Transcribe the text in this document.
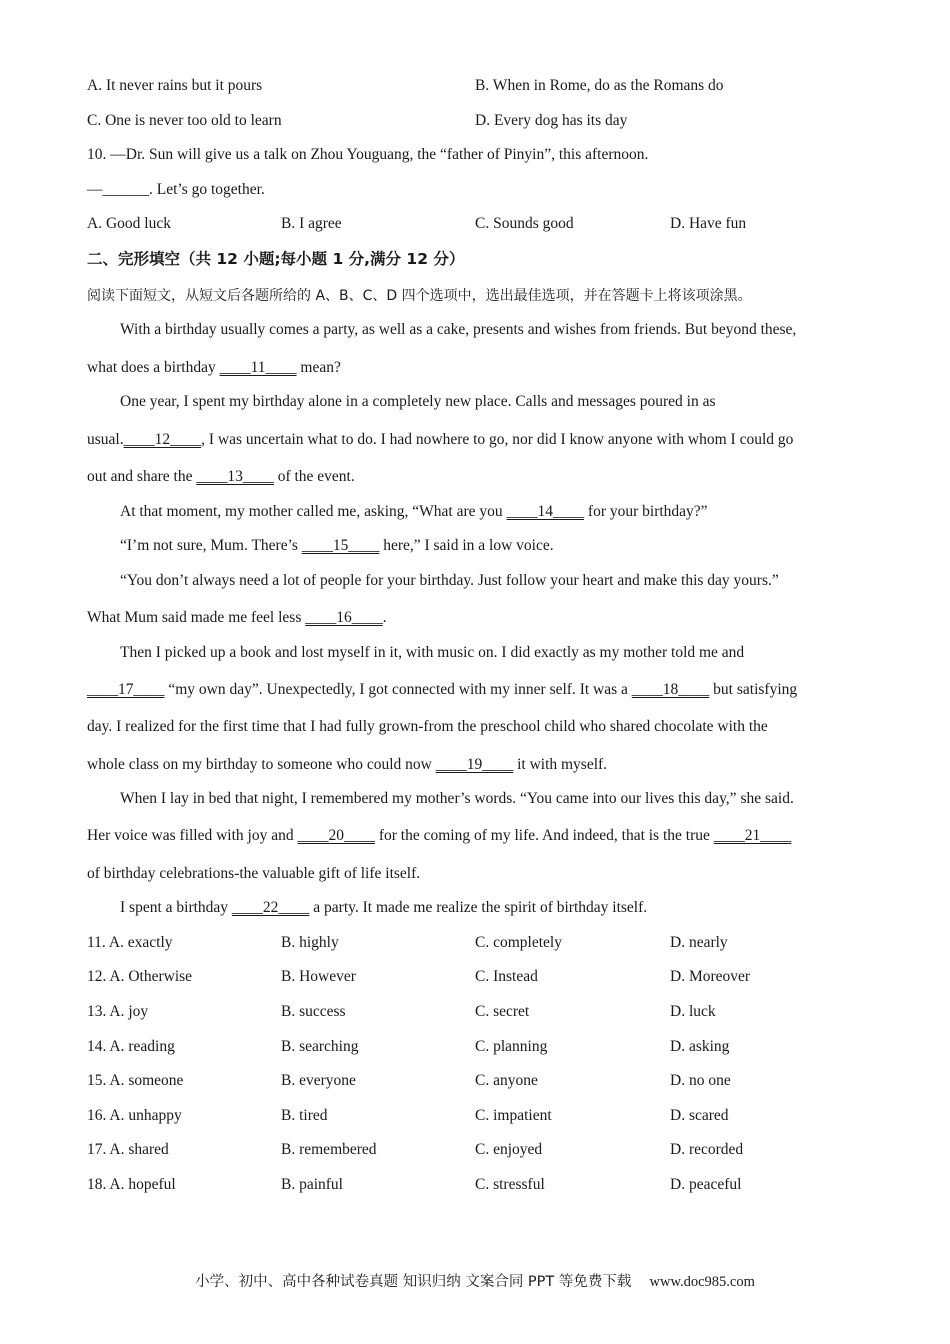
A. It never rains but it pours	B. When in Rome, do as the Romans do
C. One is never too old to learn	D. Every dog has its day
10. —Dr. Sun will give us a talk on Zhou Youguang, the “father of Pinyin”, this afternoon.
—______. Let’s go together.
A. Good luck	B. I agree	C. Sounds good	D. Have fun
二、完形填空（共 12 小题;每小题 1 分,满分 12 分）
阅读下面短文，从短文后各题所给的 A、B、C、D 四个选项中，选出最佳选项，并在答题卡上将该项涂黑。
With a birthday usually comes a party, as well as a cake, presents and wishes from friends. But beyond these,
what does a birthday ____11____ mean?
One year, I spent my birthday alone in a completely new place. Calls and messages poured in as
usual.____12____, I was uncertain what to do. I had nowhere to go, nor did I know anyone with whom I could go
out and share the ____13____ of the event.
At that moment, my mother called me, asking, “What are you ____14____ for your birthday?”
“I’m not sure, Mum. There’s ____15____ here,” I said in a low voice.
“You don’t always need a lot of people for your birthday. Just follow your heart and make this day yours.”
What Mum said made me feel less ____16____.
Then I picked up a book and lost myself in it, with music on. I did exactly as my mother told me and
____17____ “my own day”. Unexpectedly, I got connected with my inner self. It was a ____18____ but satisfying
day. I realized for the first time that I had fully grown-from the preschool child who shared chocolate with the
whole class on my birthday to someone who could now ____19____ it with myself.
When I lay in bed that night, I remembered my mother’s words. “You came into our lives this day,” she said.
Her voice was filled with joy and ____20____ for the coming of my life. And indeed, that is the true ____21____
of birthday celebrations-the valuable gift of life itself.
I spent a birthday ____22____ a party. It made me realize the spirit of birthday itself.
11. A. exactly	B. highly	C. completely	D. nearly
12. A. Otherwise	B. However	C. Instead	D. Moreover
13. A. joy	B. success	C. secret	D. luck
14. A. reading	B. searching	C. planning	D. asking
15. A. someone	B. everyone	C. anyone	D. no one
16. A. unhappy	B. tired	C. impatient	D. scared
17. A. shared	B. remembered	C. enjoyed	D. recorded
18. A. hopeful	B. painful	C. stressful	D. peaceful
小学、初中、高中各种试卷真题 知识归纳 文案合同 PPT 等免费下载 www.doc985.com
